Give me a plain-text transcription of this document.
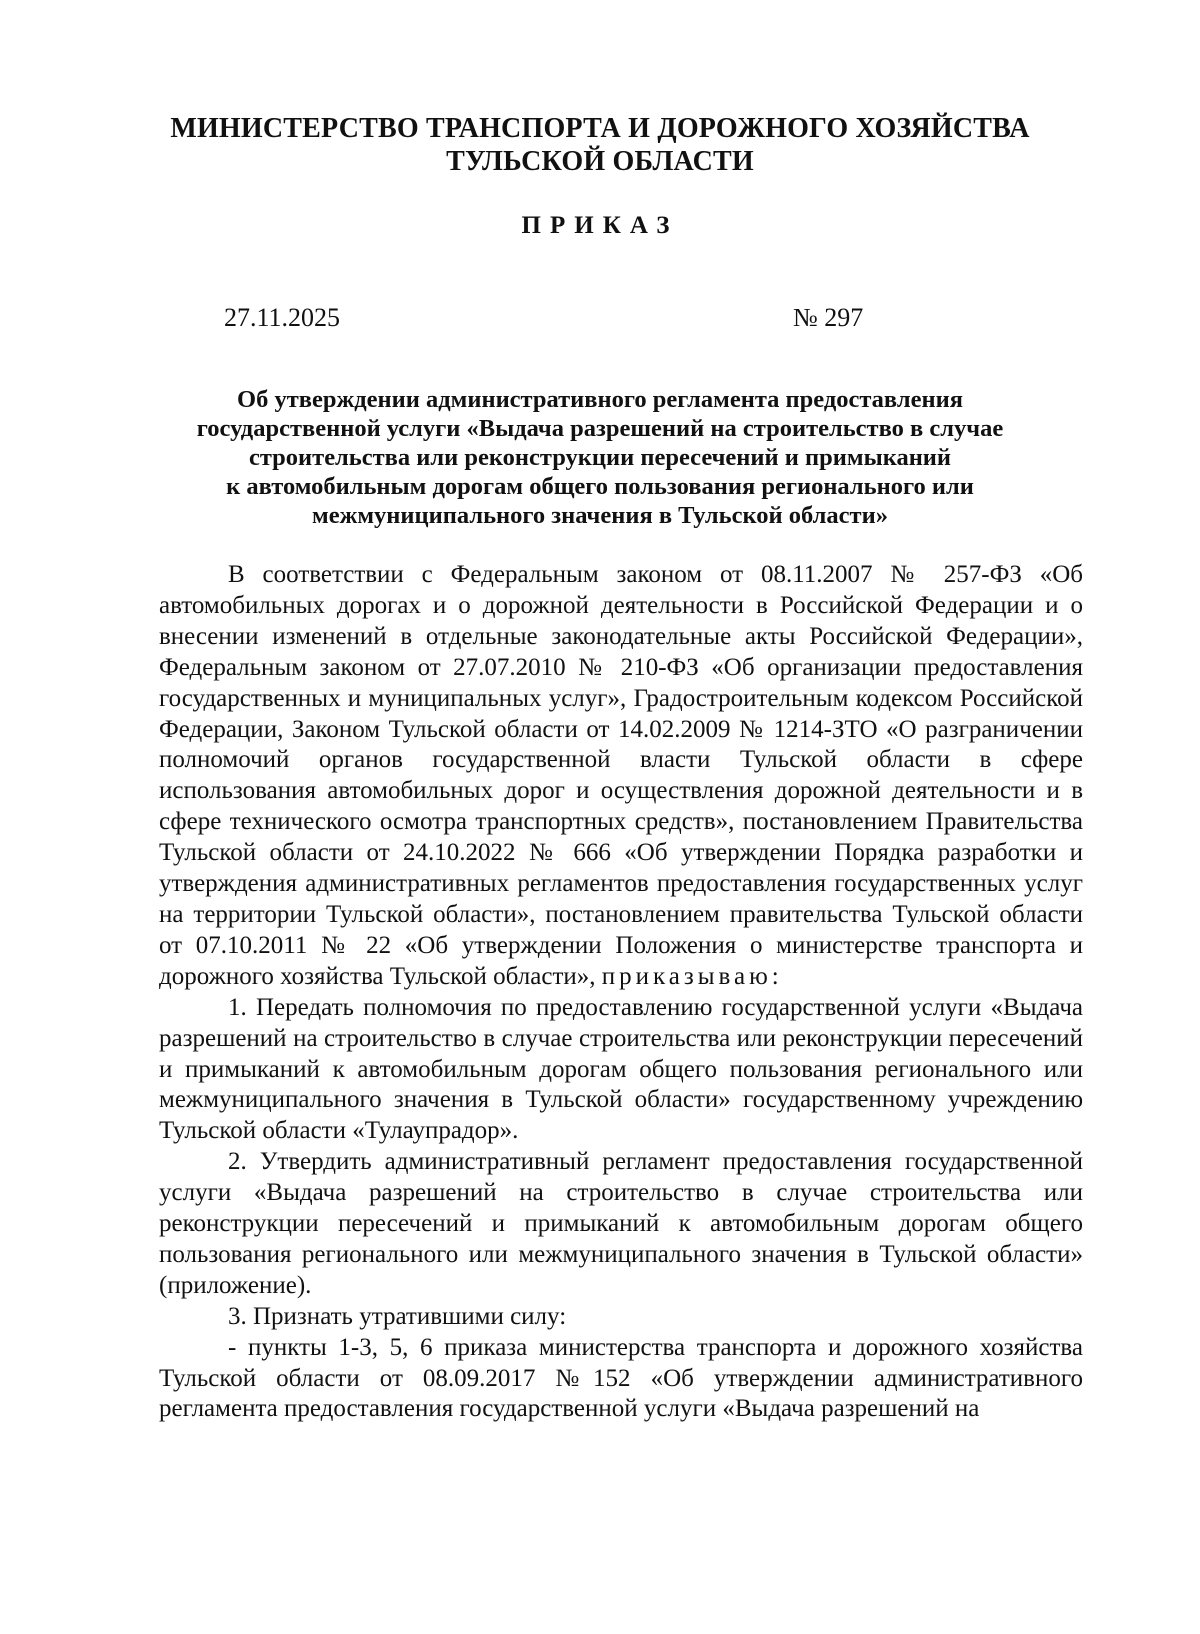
МИНИСТЕРСТВО ТРАНСПОРТА И ДОРОЖНОГО ХОЗЯЙСТВА
ТУЛЬСКОЙ ОБЛАСТИ
ПРИКАЗ
27.11.2025	№ 297
Об утверждении административного регламента предоставления
государственной услуги «Выдача разрешений на строительство в случае
строительства или реконструкции пересечений и примыканий
к автомобильным дорогам общего пользования регионального или
межмуниципального значения в Тульской области»

В соответствии с Федеральным законом от 08.11.2007 № 257-ФЗ «Об автомобильных дорогах и о дорожной деятельности в Российской Федерации и о внесении изменений в отдельные законодательные акты Российской Федерации», Федеральным законом от 27.07.2010 № 210-ФЗ «Об организации предоставления государственных и муниципальных услуг», Градостроительным кодексом Российской Федерации, Законом Тульской области от 14.02.2009 № 1214-ЗТО «О разграничении полномочий органов государственной власти Тульской области в сфере использования автомобильных дорог и осуществления дорожной деятельности и в сфере технического осмотра транспортных средств», постановлением Правительства Тульской области от 24.10.2022 № 666 «Об утверждении Порядка разработки и утверждения административных регламентов предоставления государственных услуг на территории Тульской области», постановлением правительства Тульской области от 07.10.2011 № 22 «Об утверждении Положения о министерстве транспорта и дорожного хозяйства Тульской области», приказываю:

1. Передать полномочия по предоставлению государственной услуги «Выдача разрешений на строительство в случае строительства или реконструкции пересечений и примыканий к автомобильным дорогам общего пользования регионального или межмуниципального значения в Тульской области» государственному учреждению Тульской области «Тулаупрадор».

2. Утвердить административный регламент предоставления государственной услуги «Выдача разрешений на строительство в случае строительства или реконструкции пересечений и примыканий к автомобильным дорогам общего пользования регионального или межмуниципального значения в Тульской области» (приложение).

3. Признать утратившими силу:

- пункты 1-3, 5, 6 приказа министерства транспорта и дорожного хозяйства Тульской области от 08.09.2017 №152 «Об утверждении административного регламента предоставления государственной услуги «Выдача разрешений на
